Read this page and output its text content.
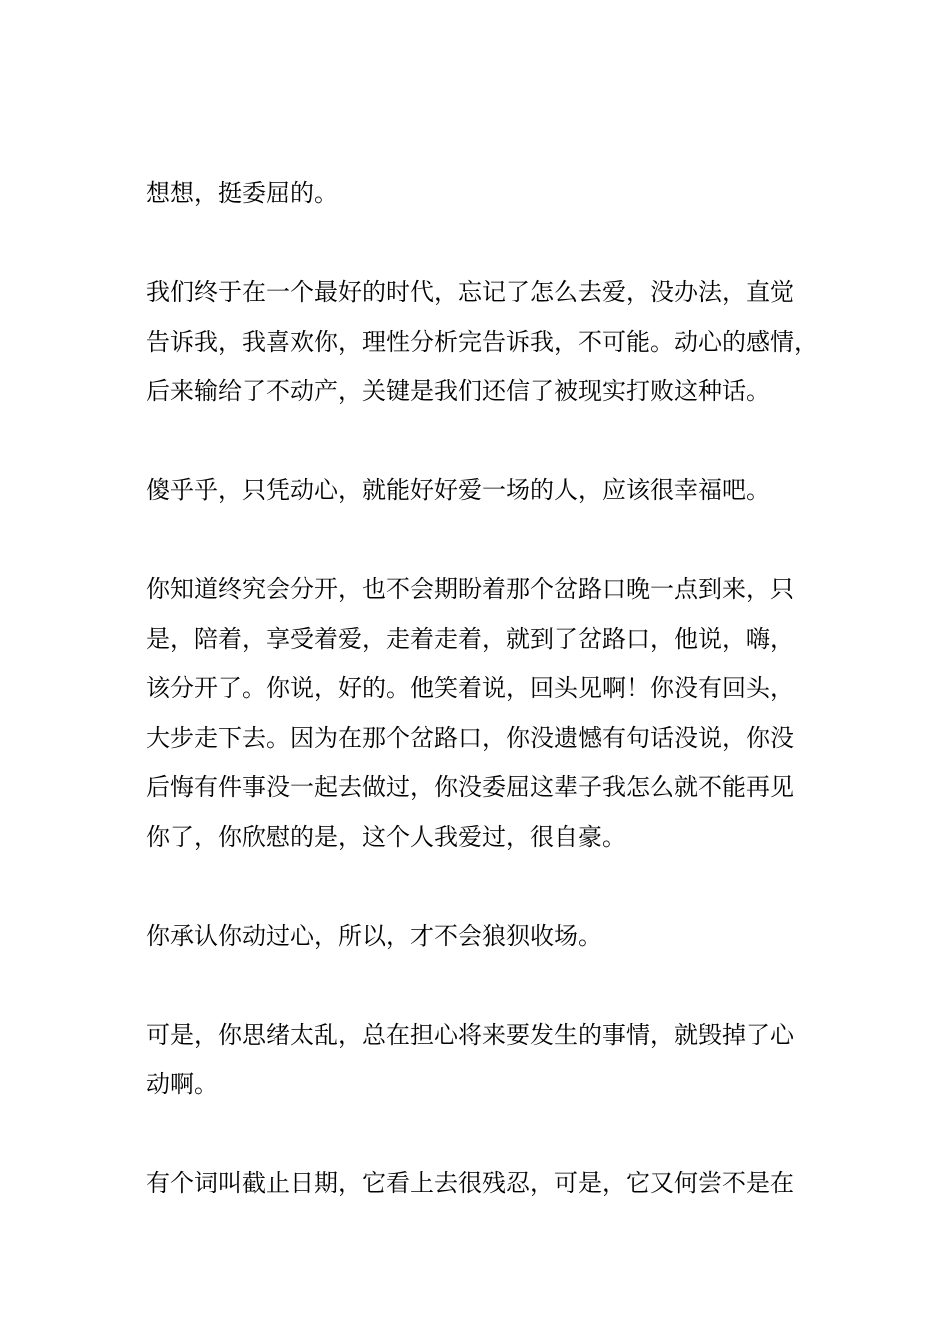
想想，挺委屈的。

我们终于在一个最好的时代，忘记了怎么去爱，没办法，直觉
告诉我，我喜欢你，理性分析完告诉我，不可能。动心的感情，
后来输给了不动产，关键是我们还信了被现实打败这种话。

傻乎乎，只凭动心，就能好好爱一场的人，应该很幸福吧。

你知道终究会分开，也不会期盼着那个岔路口晚一点到来，只
是，陪着，享受着爱，走着走着，就到了岔路口，他说，嗨，
该分开了。你说，好的。他笑着说，回头见啊！你没有回头，
大步走下去。因为在那个岔路口，你没遗憾有句话没说，你没
后悔有件事没一起去做过，你没委屈这辈子我怎么就不能再见
你了，你欣慰的是，这个人我爱过，很自豪。

你承认你动过心，所以，才不会狼狈收场。

可是，你思绪太乱，总在担心将来要发生的事情，就毁掉了心
动啊。

有个词叫截止日期，它看上去很残忍，可是，它又何尝不是在
